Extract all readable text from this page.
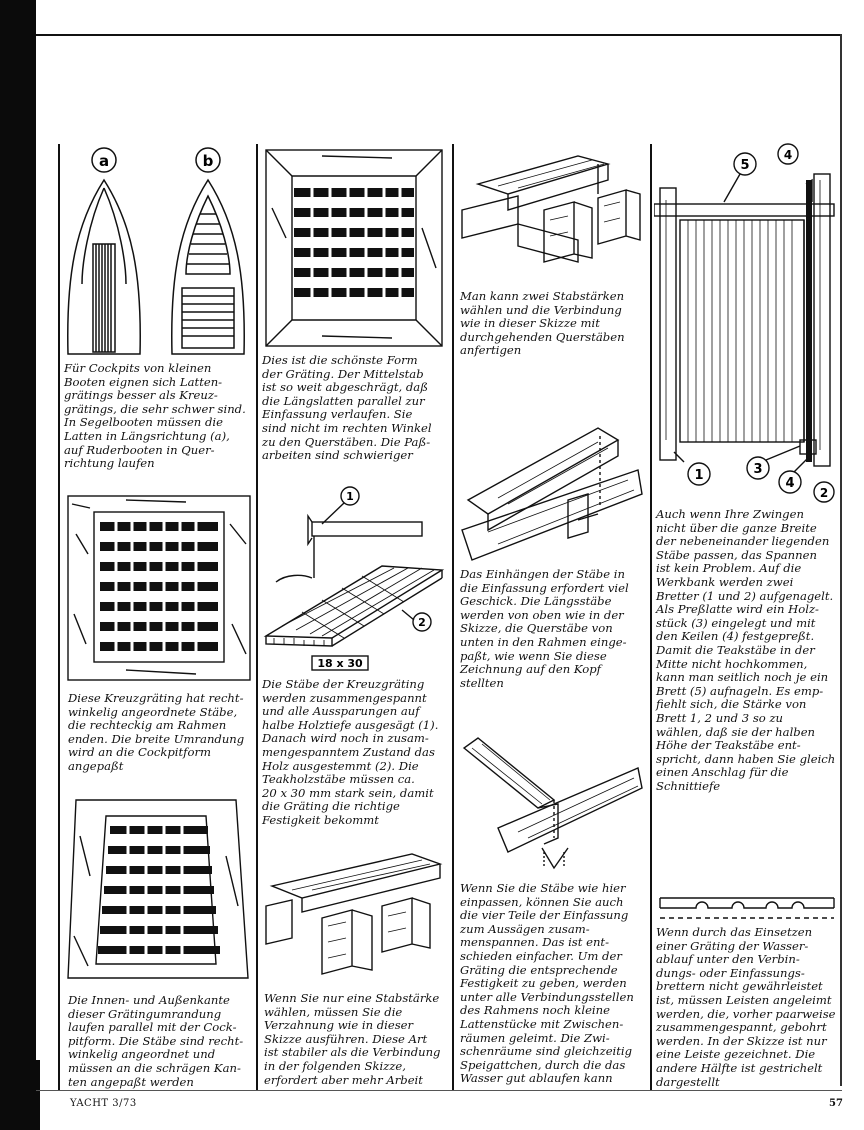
a	b

Für Cockpits von kleinen
Booten eignen sich Latten-
grätings besser als Kreuz-
grätings, die sehr schwer sind.
In Segelbooten müssen die
Latten in Längsrichtung (a),
auf Ruderbooten in Quer-
richtung laufen

Diese Kreuzgräting hat recht-
winkelig angeordnete Stäbe,
die rechteckig am Rahmen
enden. Die breite Umrandung
wird an die Cockpitform
angepaßt

Die Innen- und Außenkante
dieser Grätingumrandung
laufen parallel mit der Cock-
pitform. Die Stäbe sind recht-
winkelig angeordnet und
müssen an die schrägen Kan-
ten angepaßt werden

Dies ist die schönste Form
der Gräting. Der Mittelstab
ist so weit abgeschrägt, daß
die Längslatten parallel zur
Einfassung verlaufen. Sie
sind nicht im rechten Winkel
zu den Querstäben. Die Paß-
arbeiten sind schwieriger

1
2
18 x 30

Die Stäbe der Kreuzgräting
werden zusammengespannt
und alle Aussparungen auf
halbe Holztiefe ausgesägt (1).
Danach wird noch in zusam-
mengespanntem Zustand das
Holz ausgestemmt (2). Die
Teakholzstäbe müssen ca.
20 x 30 mm stark sein, damit
die Gräting die richtige
Festigkeit bekommt

Wenn Sie nur eine Stabstärke
wählen, müssen Sie die
Verzahnung wie in dieser
Skizze ausführen. Diese Art
ist stabiler als die Verbindung
in der folgenden Skizze,
erfordert aber mehr Arbeit

Man kann zwei Stabstärken
wählen und die Verbindung
wie in dieser Skizze mit
durchgehenden Querstäben
anfertigen

Das Einhängen der Stäbe in
die Einfassung erfordert viel
Geschick. Die Längsstäbe
werden von oben wie in der
Skizze, die Querstäbe von
unten in den Rahmen einge-
paßt, wie wenn Sie diese
Zeichnung auf den Kopf
stellten

Wenn Sie die Stäbe wie hier
einpassen, können Sie auch
die vier Teile der Einfassung
zum Aussägen zusam-
menspannen. Das ist ent-
schieden einfacher. Um der
Gräting die entsprechende
Festigkeit zu geben, werden
unter alle Verbindungsstellen
des Rahmens noch kleine
Lattenstücke mit Zwischen-
räumen geleimt. Die Zwi-
schenräume sind gleichzeitig
Speigattchen, durch die das
Wasser gut ablaufen kann

5
4
1	3
4
2

Auch wenn Ihre Zwingen
nicht über die ganze Breite
der nebeneinander liegenden
Stäbe passen, das Spannen
ist kein Problem. Auf die
Werkbank werden zwei
Bretter (1 und 2) aufgenagelt.
Als Preßlatte wird ein Holz-
stück (3) eingelegt und mit
den Keilen (4) festgepreßt.
Damit die Teakstäbe in der
Mitte nicht hochkommen,
kann man seitlich noch je ein
Brett (5) aufnageln. Es emp-
fiehlt sich, die Stärke von
Brett 1, 2 und 3 so zu
wählen, daß sie der halben
Höhe der Teakstäbe ent-
spricht, dann haben Sie gleich
einen Anschlag für die
Schnittiefe

Wenn durch das Einsetzen
einer Gräting der Wasser-
ablauf unter den Verbin-
dungs- oder Einfassungs-
brettern nicht gewährleistet
ist, müssen Leisten angeleimt
werden, die, vorher paarweise
zusammengespannt, gebohrt
werden. In der Skizze ist nur
eine Leiste gezeichnet. Die
andere Hälfte ist gestrichelt
dargestellt

YACHT 3/73	57
